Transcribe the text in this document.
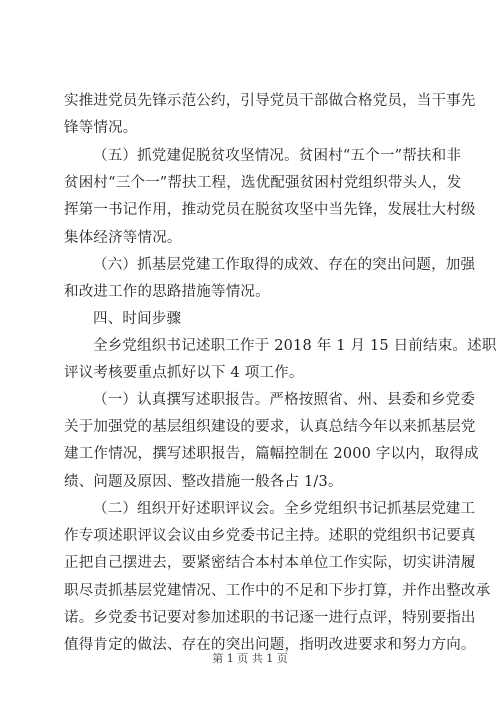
实推进党员先锋示范公约，引导党员干部做合格党员，当干事先
锋等情况。

（五）抓党建促脱贫攻坚情况。贫困村“五个一”帮扶和非
贫困村“三个一”帮扶工程，选优配强贫困村党组织带头人，发
挥第一书记作用，推动党员在脱贫攻坚中当先锋，发展壮大村级
集体经济等情况。

（六）抓基层党建工作取得的成效、存在的突出问题，加强
和改进工作的思路措施等情况。

四、时间步骤

全乡党组织书记述职工作于 2018 年 1 月 15 日前结束。述职
评议考核要重点抓好以下 4 项工作。

（一）认真撰写述职报告。严格按照省、州、县委和乡党委
关于加强党的基层组织建设的要求，认真总结今年以来抓基层党
建工作情况，撰写述职报告，篇幅控制在 2000 字以内，取得成
绩、问题及原因、整改措施一般各占 1/3。

（二）组织开好述职评议会。全乡党组织书记抓基层党建工
作专项述职评议会议由乡党委书记主持。述职的党组织书记要真
正把自己摆进去，要紧密结合本村本单位工作实际，切实讲清履
职尽责抓基层党建情况、工作中的不足和下步打算，并作出整改承
诺。乡党委书记要对参加述职的书记逐一进行点评，特别要指出
值得肯定的做法、存在的突出问题，指明改进要求和努力方向。

第 1 页 共 1 页
